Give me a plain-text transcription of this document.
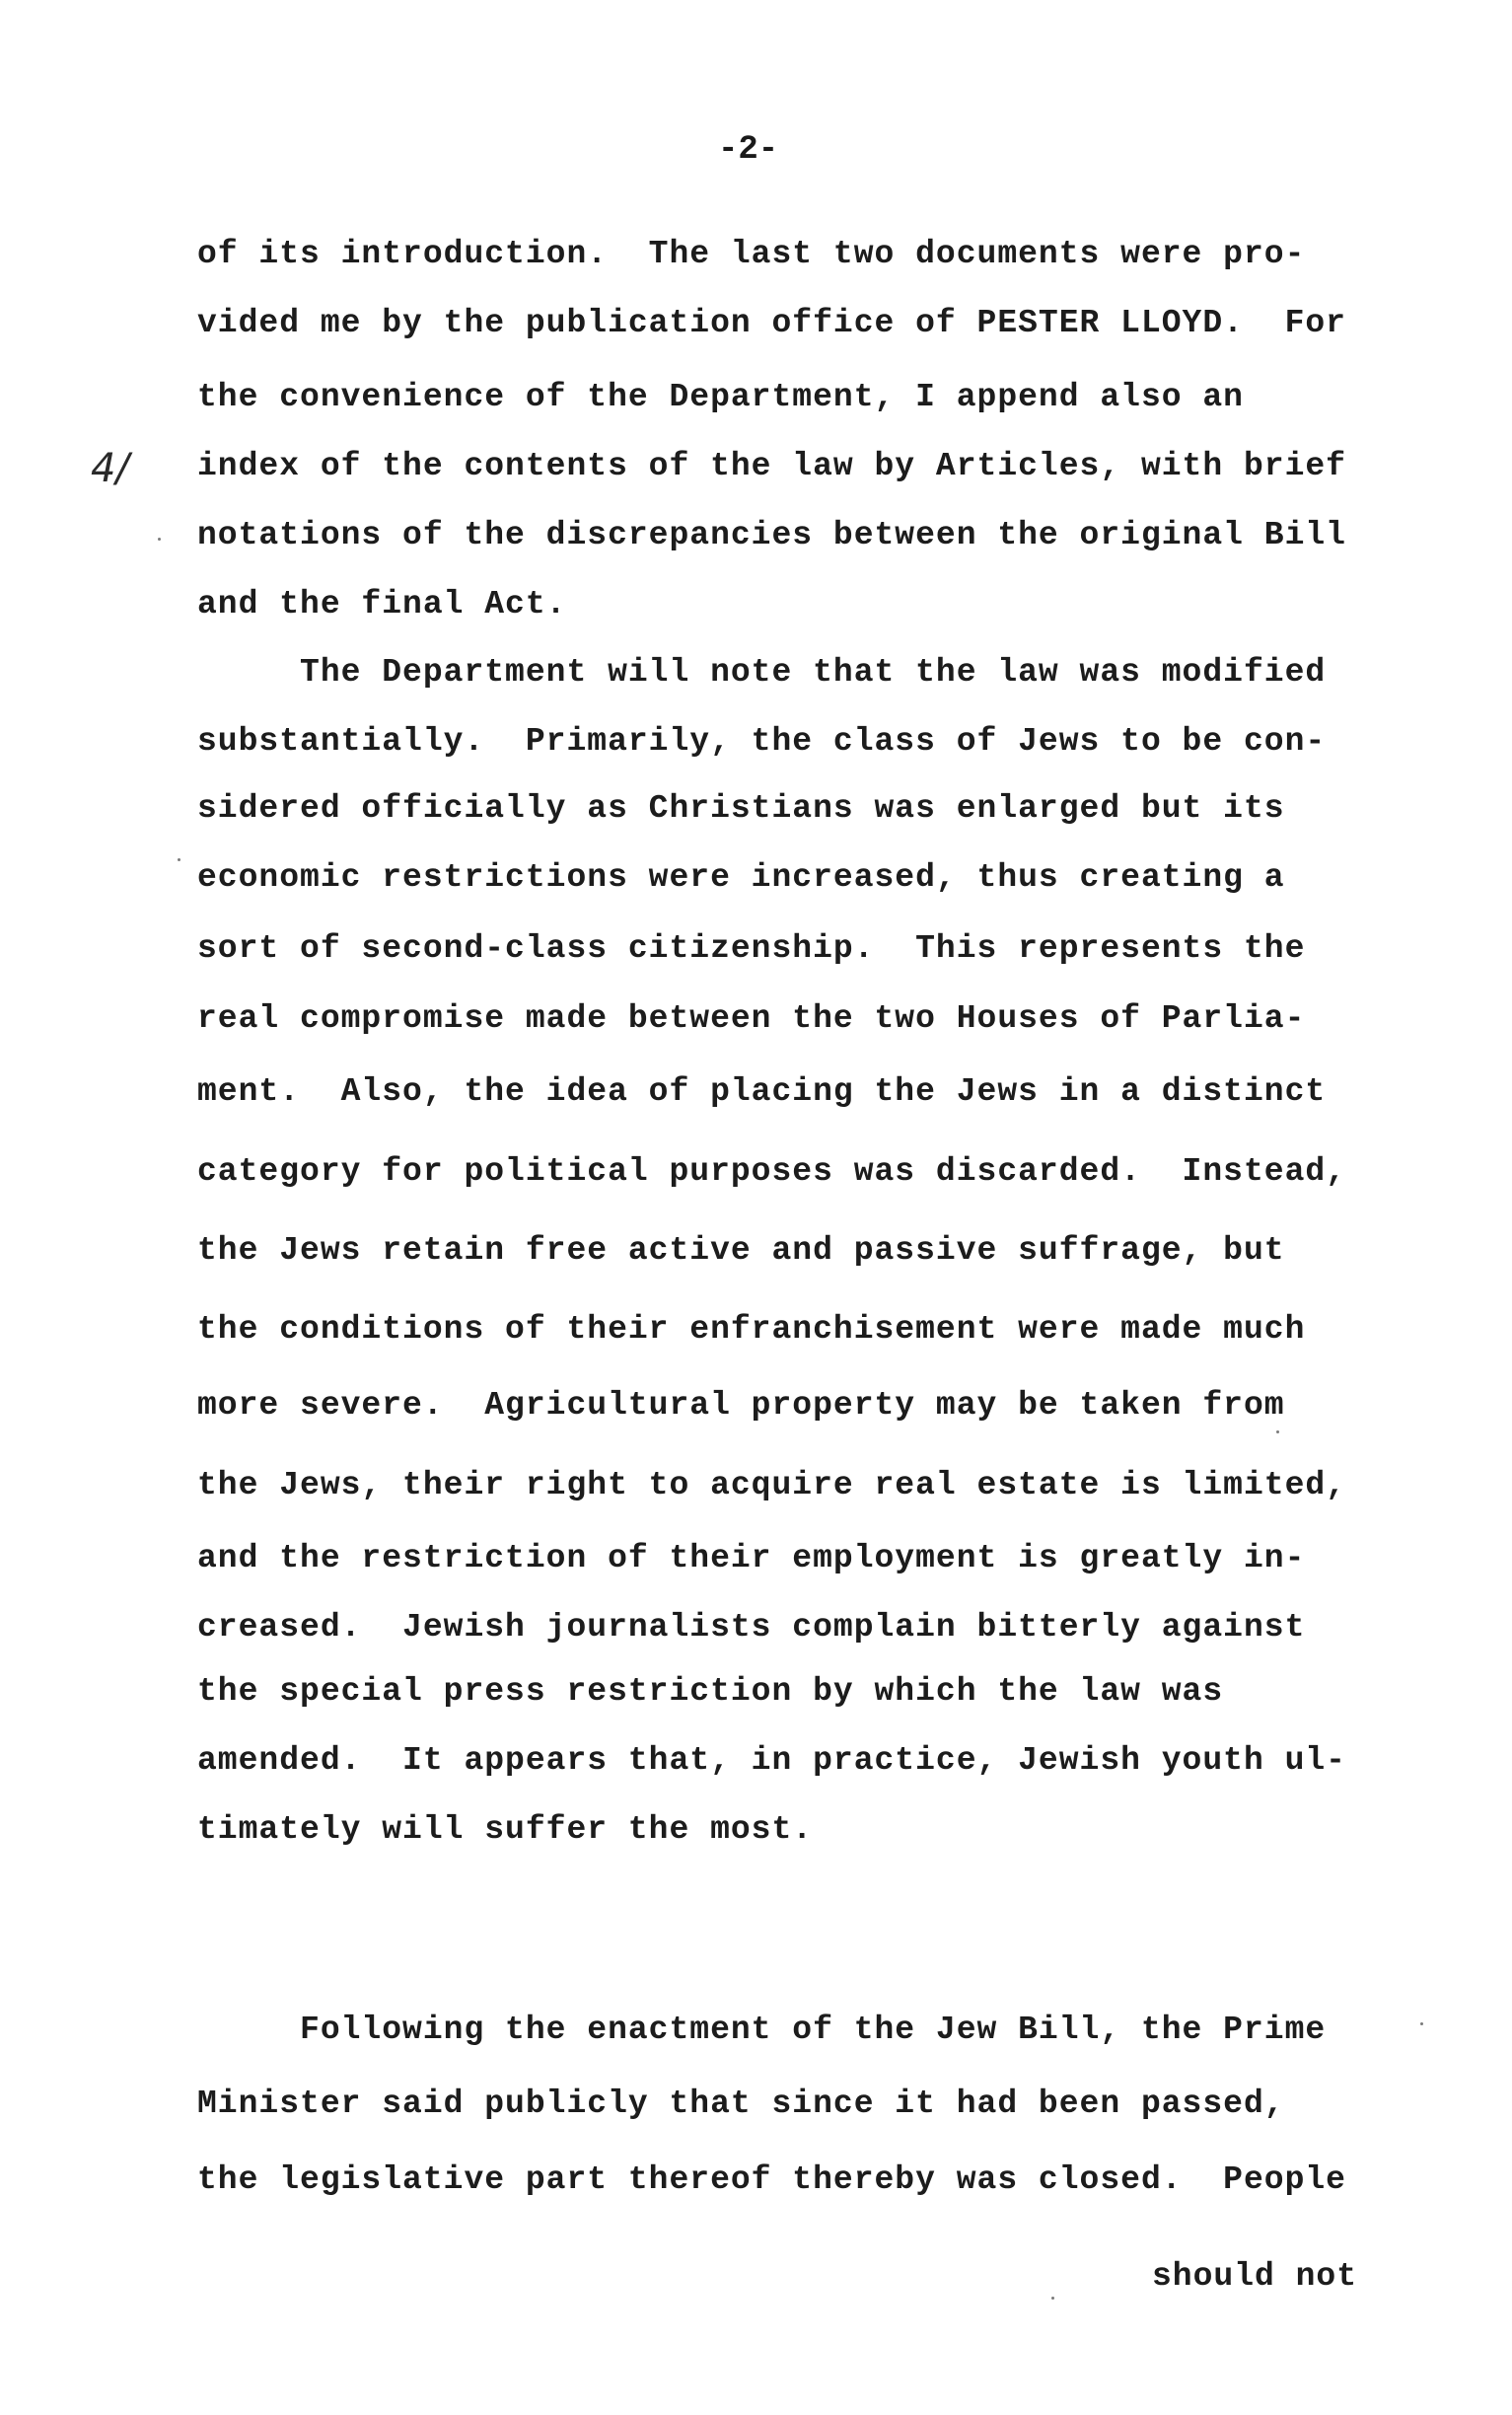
-2-
4/
of its introduction.  The last two documents were pro-
vided me by the publication office of PESTER LLOYD.  For
the convenience of the Department, I append also an
index of the contents of the law by Articles, with brief
notations of the discrepancies between the original Bill
and the final Act.
The Department will note that the law was modified
substantially.  Primarily, the class of Jews to be con-
sidered officially as Christians was enlarged but its
economic restrictions were increased, thus creating a
sort of second-class citizenship.  This represents the
real compromise made between the two Houses of Parlia-
ment.  Also, the idea of placing the Jews in a distinct
category for political purposes was discarded.  Instead,
the Jews retain free active and passive suffrage, but
the conditions of their enfranchisement were made much
more severe.  Agricultural property may be taken from
the Jews, their right to acquire real estate is limited,
and the restriction of their employment is greatly in-
creased.  Jewish journalists complain bitterly against
the special press restriction by which the law was
amended.  It appears that, in practice, Jewish youth ul-
timately will suffer the most.
Following the enactment of the Jew Bill, the Prime
Minister said publicly that since it had been passed,
the legislative part thereof thereby was closed.  People
should not
